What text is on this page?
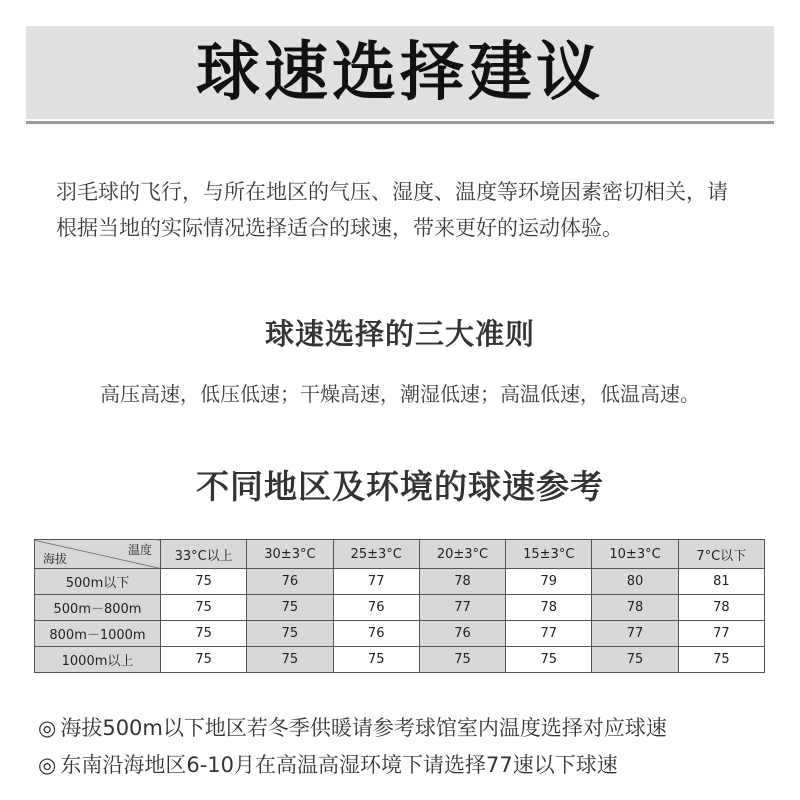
球速选择建议

羽毛球的飞行，与所在地区的气压、湿度、温度等环境因素密切相关，请根据当地的实际情况选择适合的球速，带来更好的运动体验。

球速选择的三大准则

高压高速，低压低速；干燥高速，潮湿低速；高温低速，低温高速。

不同地区及环境的球速参考
温度
海拔	33°C以上	30±3°C	25±3°C	20±3°C	15±3°C	10±3°C	7°C以下
500m以下	75	76	77	78	79	80	81
500m－800m	75	75	76	77	78	78	78
800m－1000m	75	75	76	76	77	77	77
1000m以上	75	75	75	75	75	75	75

◎ 海拔500m以下地区若冬季供暖请参考球馆室内温度选择对应球速

◎ 东南沿海地区6-10月在高温高湿环境下请选择77速以下球速
